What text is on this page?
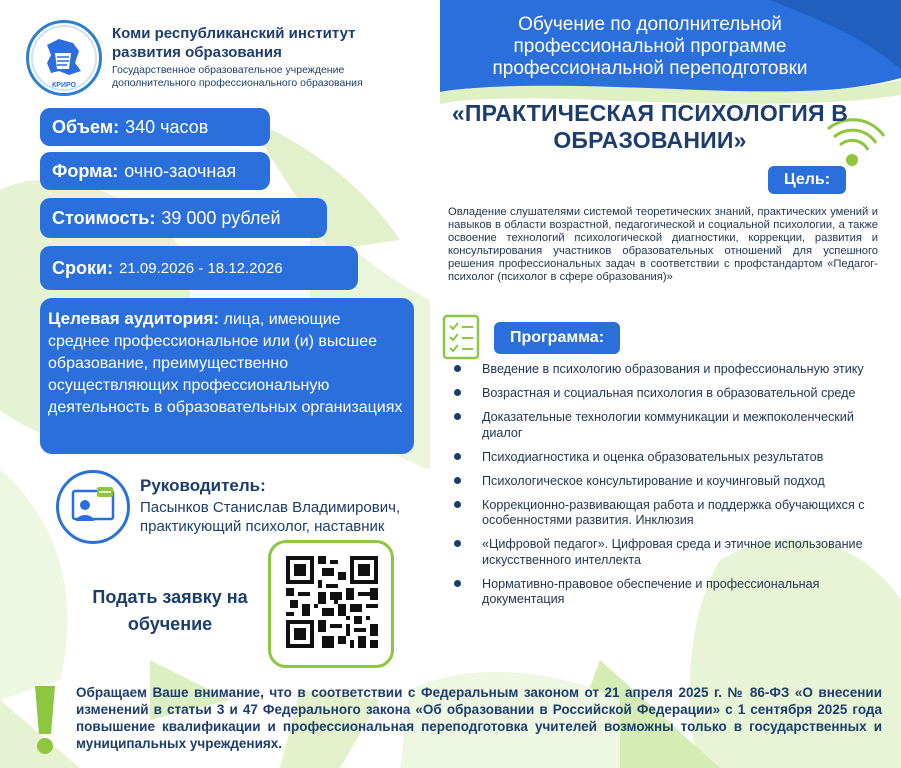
КРИРО
Коми республиканский институт развития образования
Государственное образовательное учреждение дополнительного профессионального образования
Обучение по дополнительной профессиональной программе профессиональной переподготовки
«ПРАКТИЧЕСКАЯ ПСИХОЛОГИЯ В ОБРАЗОВАНИИ»
Объем: 340 часов
Форма: очно-заочная
Стоимость: 39 000 рублей
Сроки: 21.09.2026 - 18.12.2026
Целевая аудитория: лица, имеющие среднее профессиональное или (и) высшее образование, преимущественно осуществляющих профессиональную деятельность в образовательных организациях
Цель:
Овладение слушателями системой теоретических знаний, практических умений и навыков в области возрастной, педагогической и социальной психологии, а также освоение технологий психологической диагностики, коррекции, развития и консультирования участников образовательных отношений для успешного решения профессиональных задач в соответствии с профстандартом «Педагог-психолог (психолог в сфере образования)»
Программа:
Введение в психологию образования и профессиональную этику
Возрастная и социальная психология в образовательной среде
Доказательные технологии коммуникации и межпоколенческий диалог
Психодиагностика и оценка образовательных результатов
Психологическое консультирование и коучинговый подход
Коррекционно-развивающая работа и поддержка обучающихся с особенностями развития. Инклюзия
«Цифровой педагог». Цифровая среда и этичное использование искусственного интеллекта
Нормативно-правовое обеспечение и профессиональная документация
Руководитель:
Пасынков Станислав Владимирович, практикующий психолог, наставник
Подать заявку на обучение
Обращаем Ваше внимание, что в соответствии с Федеральным законом от 21 апреля 2025 г. № 86-ФЗ «О внесении изменений в статьи 3 и 47 Федерального закона «Об образовании в Российской Федерации» с 1 сентября 2025 года повышение квалификации и профессиональная переподготовка учителей возможны только в государственных и муниципальных учреждениях.
